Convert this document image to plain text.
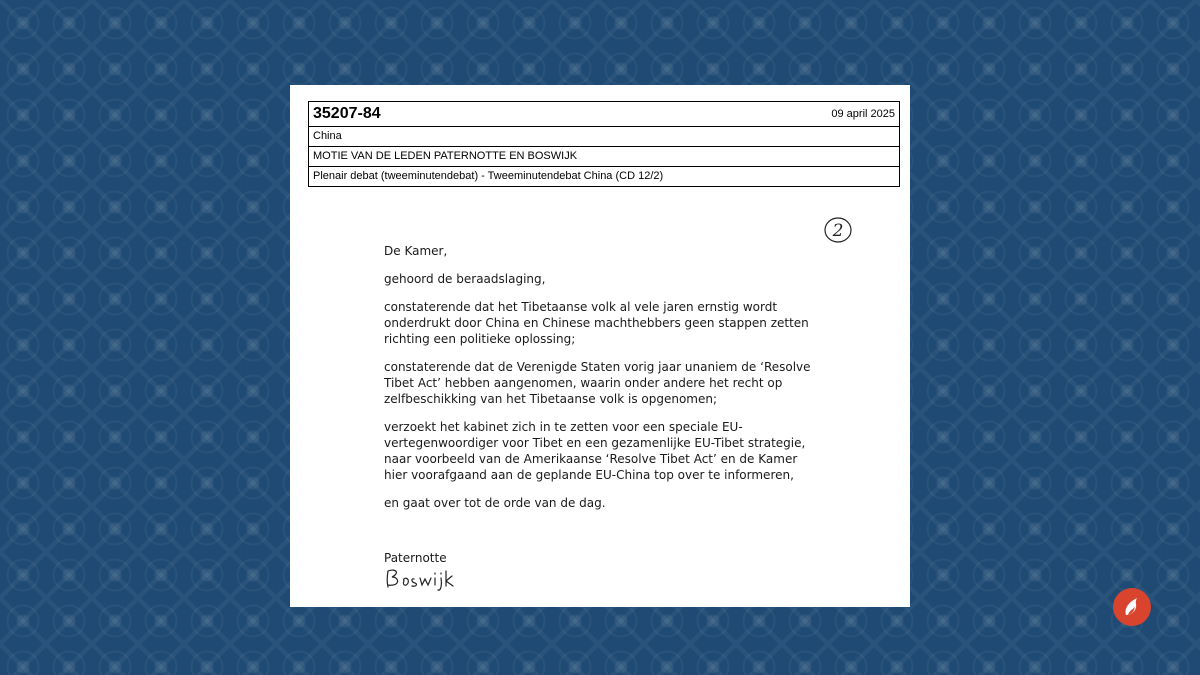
35207-84	09 april 2025
China
MOTIE VAN DE LEDEN PATERNOTTE EN BOSWIJK
Plenair debat (tweeminutendebat) - Tweeminutendebat China (CD 12/2)
2

De Kamer,

gehoord de beraadslaging,

constaterende dat het Tibetaanse volk al vele jaren ernstig wordt onderdrukt door China en Chinese machthebbers geen stappen zetten richting een politieke oplossing;

constaterende dat de Verenigde Staten vorig jaar unaniem de ‘Resolve Tibet Act’ hebben aangenomen, waarin onder andere het recht op zelfbeschikking van het Tibetaanse volk is opgenomen;

verzoekt het kabinet zich in te zetten voor een speciale EU-vertegenwoordiger voor Tibet en een gezamenlijke EU-Tibet strategie, naar voorbeeld van de Amerikaanse ‘Resolve Tibet Act’ en de Kamer hier voorafgaand aan de geplande EU-China top over te informeren,

en gaat over tot de orde van de dag.

Paternotte
